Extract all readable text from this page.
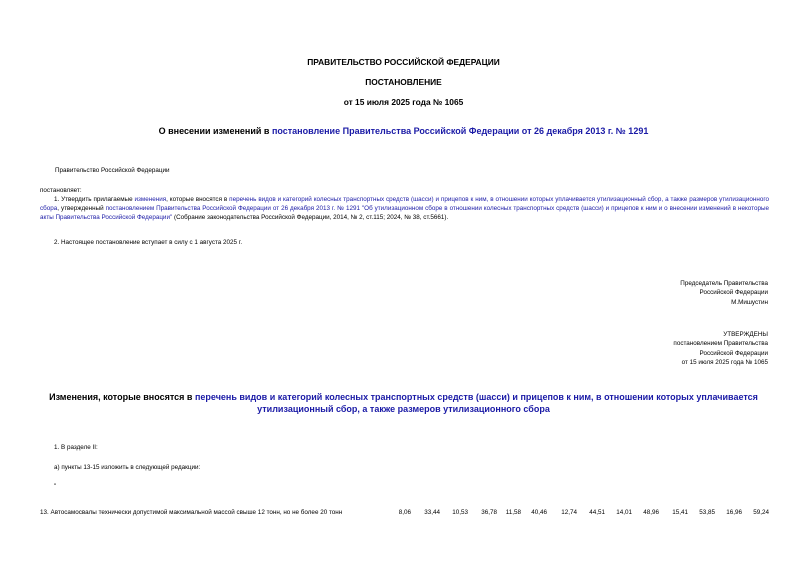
ПРАВИТЕЛЬСТВО РОССИЙСКОЙ ФЕДЕРАЦИИ
ПОСТАНОВЛЕНИЕ
от 15 июля 2025 года № 1065
О внесении изменений в постановление Правительства Российской Федерации от 26 декабря 2013 г. № 1291
Правительство Российской Федерации
постановляет:
1. Утвердить прилагаемые изменения, которые вносятся в перечень видов и категорий колесных транспортных средств (шасси) и прицепов к ним, в отношении которых уплачивается утилизационный сбор, а также размеров утилизационного сбора, утвержденный постановлением Правительства Российской Федерации от 26 декабря 2013 г. № 1291 "Об утилизационном сборе в отношении колесных транспортных средств (шасси) и прицепов к ним и о внесении изменений в некоторые акты Правительства Российской Федерации" (Собрание законодательства Российской Федерации, 2014, № 2, ст.115; 2024, № 38, ст.5661).
2. Настоящее постановление вступает в силу с 1 августа 2025 г.
Председатель Правительства
Российской Федерации
М.Мишустин
УТВЕРЖДЕНЫ
постановлением Правительства
Российской Федерации
от 15 июля 2025 года № 1065
Изменения, которые вносятся в перечень видов и категорий колесных транспортных средств (шасси) и прицепов к ним, в отношении которых уплачивается
утилизационный сбор, а также размеров утилизационного сбора
1. В разделе II:
а) пункты 13-15 изложить в следующей редакции:
"
13. Автосамосвалы технически допустимой максимальной массой свыше 12 тонн, но не более 20 тонн	8,06	33,44	10,53	36,78	11,58	40,46	12,74	44,51	14,01	48,96	15,41	53,85	16,96	59,24
